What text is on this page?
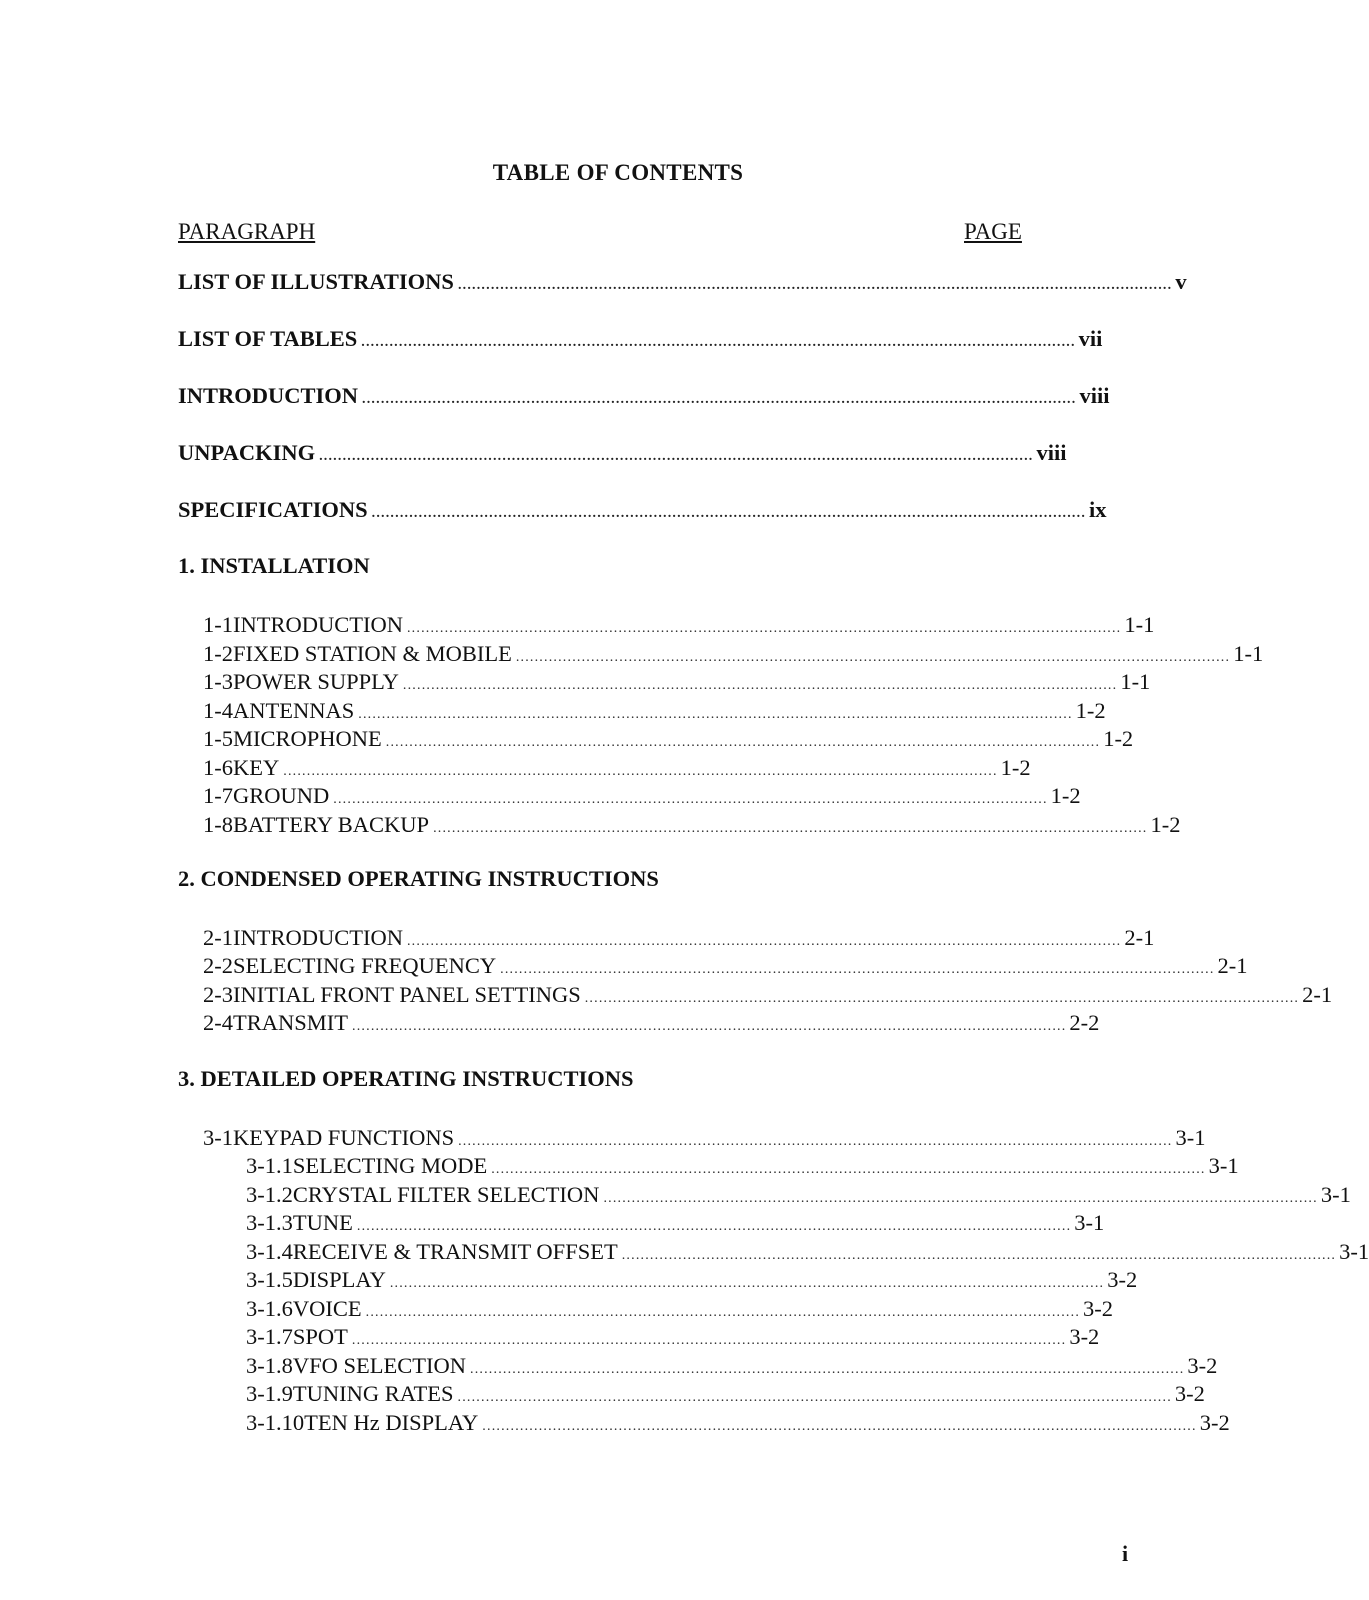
TABLE OF CONTENTS
PARAGRAPH	PAGE
LIST OF ILLUSTRATIONS ........................................................................................................................................................ v
LIST OF TABLES ........................................................................................................................................................ vii
INTRODUCTION ........................................................................................................................................................ viii
UNPACKING ........................................................................................................................................................ viii
SPECIFICATIONS ........................................................................................................................................................ ix
1. INSTALLATION
1-1 INTRODUCTION ........................................................................................................................................................ 1-1
1-2 FIXED STATION & MOBILE ........................................................................................................................................................ 1-1
1-3 POWER SUPPLY ........................................................................................................................................................ 1-1
1-4 ANTENNAS ........................................................................................................................................................ 1-2
1-5 MICROPHONE ........................................................................................................................................................ 1-2
1-6 KEY ........................................................................................................................................................ 1-2
1-7 GROUND ........................................................................................................................................................ 1-2
1-8 BATTERY BACKUP ........................................................................................................................................................ 1-2
2. CONDENSED OPERATING INSTRUCTIONS
2-1 INTRODUCTION ........................................................................................................................................................ 2-1
2-2 SELECTING FREQUENCY ........................................................................................................................................................ 2-1
2-3 INITIAL FRONT PANEL SETTINGS ........................................................................................................................................................ 2-1
2-4 TRANSMIT ........................................................................................................................................................ 2-2
3. DETAILED OPERATING INSTRUCTIONS
3-1 KEYPAD FUNCTIONS ........................................................................................................................................................ 3-1
3-1.1 SELECTING MODE ........................................................................................................................................................ 3-1
3-1.2 CRYSTAL FILTER SELECTION ........................................................................................................................................................ 3-1
3-1.3 TUNE ........................................................................................................................................................ 3-1
3-1.4 RECEIVE & TRANSMIT OFFSET ........................................................................................................................................................ 3-1
3-1.5 DISPLAY ........................................................................................................................................................ 3-2
3-1.6 VOICE ........................................................................................................................................................ 3-2
3-1.7 SPOT ........................................................................................................................................................ 3-2
3-1.8 VFO SELECTION ........................................................................................................................................................ 3-2
3-1.9 TUNING RATES ........................................................................................................................................................ 3-2
3-1.10 TEN Hz DISPLAY ........................................................................................................................................................ 3-2
i
